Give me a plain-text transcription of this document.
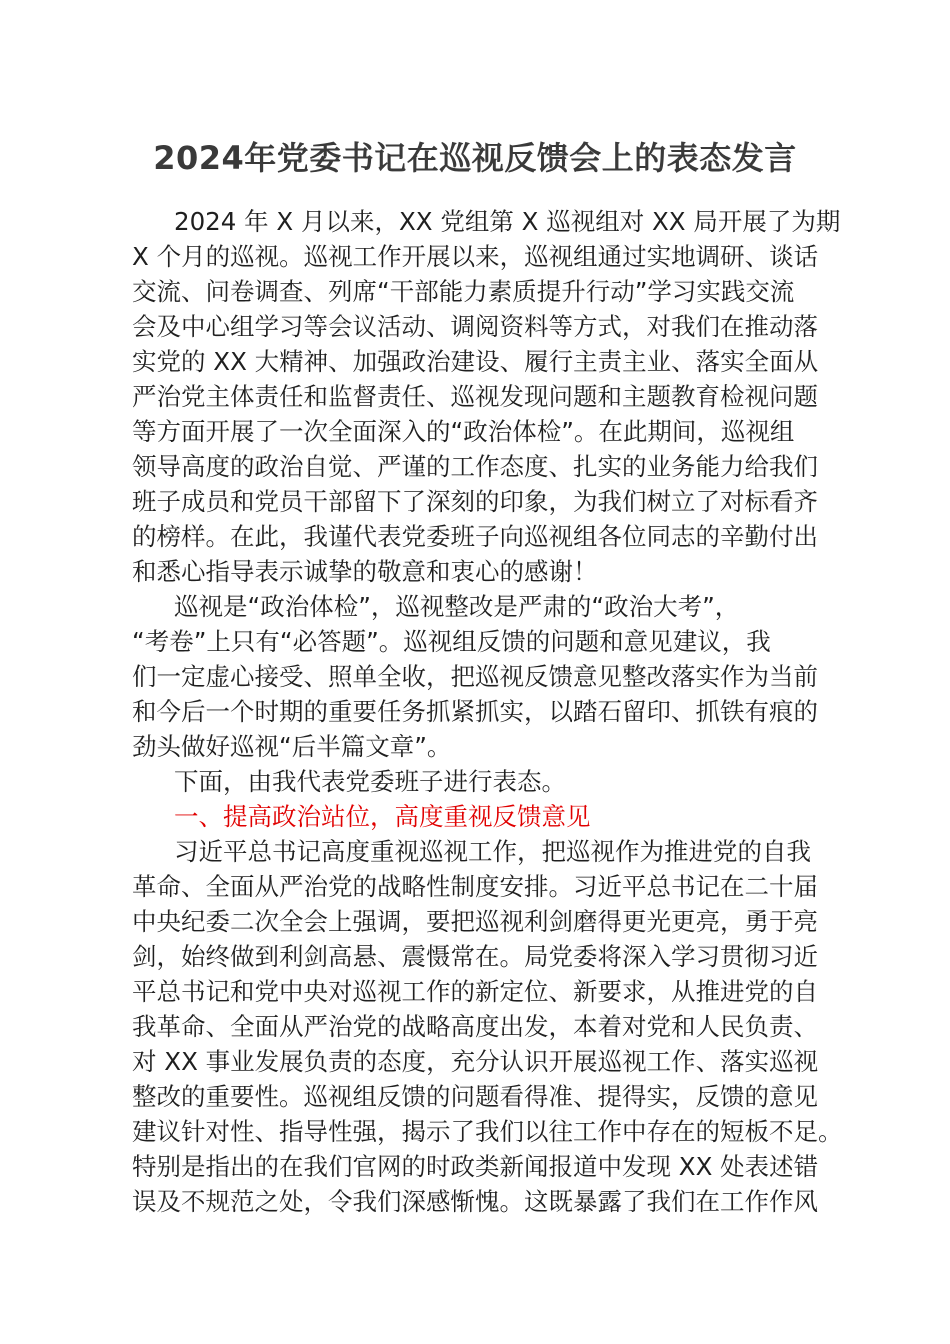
2024年党委书记在巡视反馈会上的表态发言
2024 年 X 月以来，XX 党组第 X 巡视组对 XX 局开展了为期
X 个月的巡视。巡视工作开展以来，巡视组通过实地调研、谈话
交流、问卷调查、列席“干部能力素质提升行动”学习实践交流
会及中心组学习等会议活动、调阅资料等方式，对我们在推动落
实党的 XX 大精神、加强政治建设、履行主责主业、落实全面从
严治党主体责任和监督责任、巡视发现问题和主题教育检视问题
等方面开展了一次全面深入的“政治体检”。在此期间，巡视组
领导高度的政治自觉、严谨的工作态度、扎实的业务能力给我们
班子成员和党员干部留下了深刻的印象，为我们树立了对标看齐
的榜样。在此，我谨代表党委班子向巡视组各位同志的辛勤付出
和悉心指导表示诚挚的敬意和衷心的感谢！
巡视是“政治体检”，巡视整改是严肃的“政治大考”，
“考卷”上只有“必答题”。巡视组反馈的问题和意见建议，我
们一定虚心接受、照单全收，把巡视反馈意见整改落实作为当前
和今后一个时期的重要任务抓紧抓实，以踏石留印、抓铁有痕的
劲头做好巡视“后半篇文章”。
下面，由我代表党委班子进行表态。
一、提高政治站位，高度重视反馈意见
习近平总书记高度重视巡视工作，把巡视作为推进党的自我
革命、全面从严治党的战略性制度安排。习近平总书记在二十届
中央纪委二次全会上强调，要把巡视利剑磨得更光更亮，勇于亮
剑，始终做到利剑高悬、震慑常在。局党委将深入学习贯彻习近
平总书记和党中央对巡视工作的新定位、新要求，从推进党的自
我革命、全面从严治党的战略高度出发，本着对党和人民负责、
对 XX 事业发展负责的态度，充分认识开展巡视工作、落实巡视
整改的重要性。巡视组反馈的问题看得准、提得实，反馈的意见
建议针对性、指导性强，揭示了我们以往工作中存在的短板不足。
特别是指出的在我们官网的时政类新闻报道中发现 XX 处表述错
误及不规范之处，令我们深感惭愧。这既暴露了我们在工作作风
